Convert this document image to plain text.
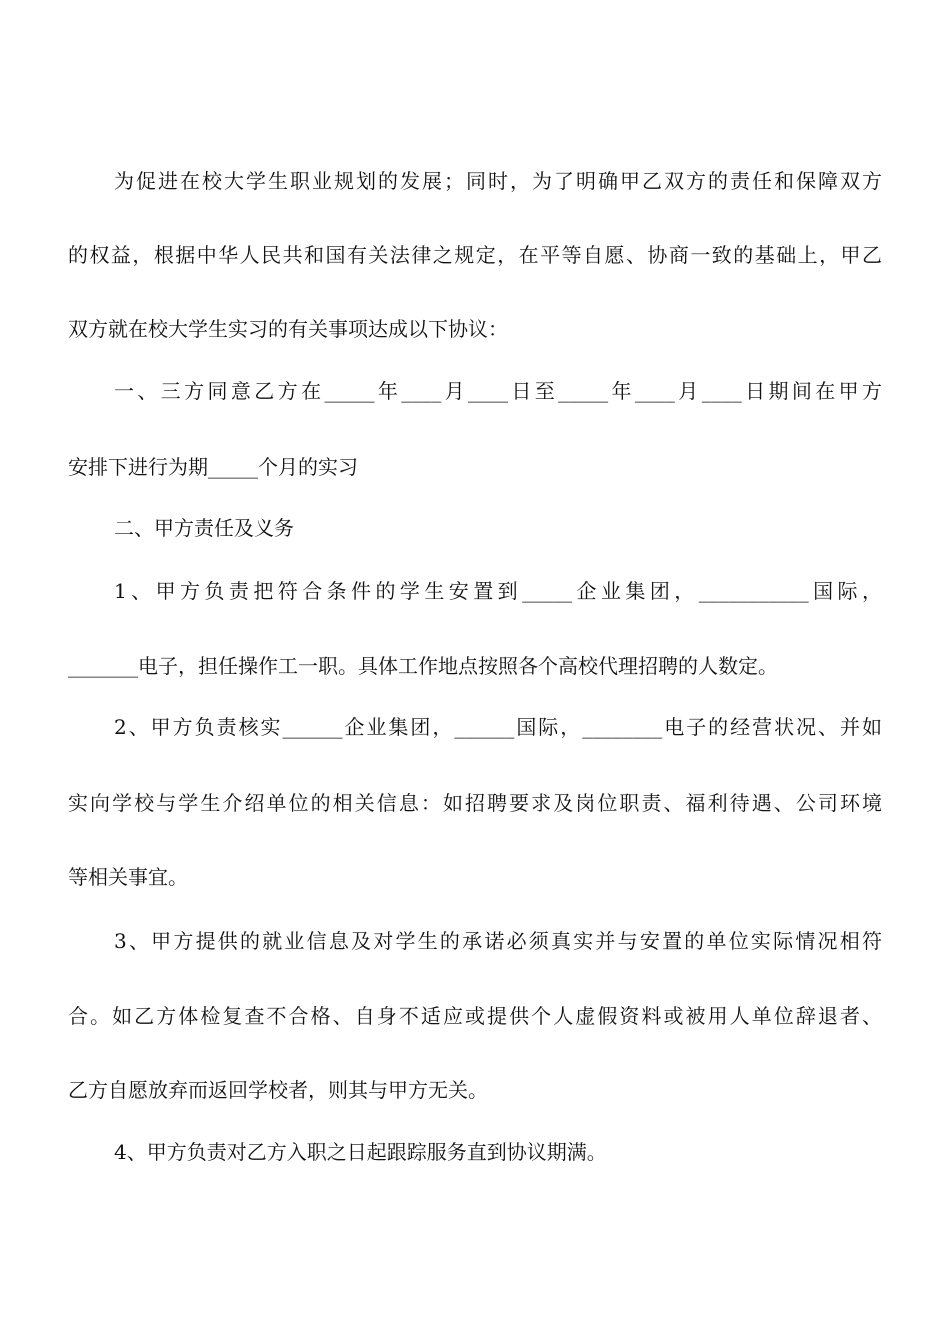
为促进在校大学生职业规划的发展；同时，为了明确甲乙双方的责任和保障双方
的权益，根据中华人民共和国有关法律之规定，在平等自愿、协商一致的基础上，甲乙
双方就在校大学生实习的有关事项达成以下协议：
一、三方同意乙方在_____年____月____日至_____年____月____日期间在甲方
安排下进行为期_____个月的实习
二、甲方责任及义务
1、甲方负责把符合条件的学生安置到_____企业集团，___________国际，
_______电子，担任操作工一职。具体工作地点按照各个高校代理招聘的人数定。
2、甲方负责核实______企业集团，______国际，________电子的经营状况、并如
实向学校与学生介绍单位的相关信息：如招聘要求及岗位职责、福利待遇、公司环境
等相关事宜。
3、甲方提供的就业信息及对学生的承诺必须真实并与安置的单位实际情况相符
合。如乙方体检复查不合格、自身不适应或提供个人虚假资料或被用人单位辞退者、
乙方自愿放弃而返回学校者，则其与甲方无关。
4、甲方负责对乙方入职之日起跟踪服务直到协议期满。
